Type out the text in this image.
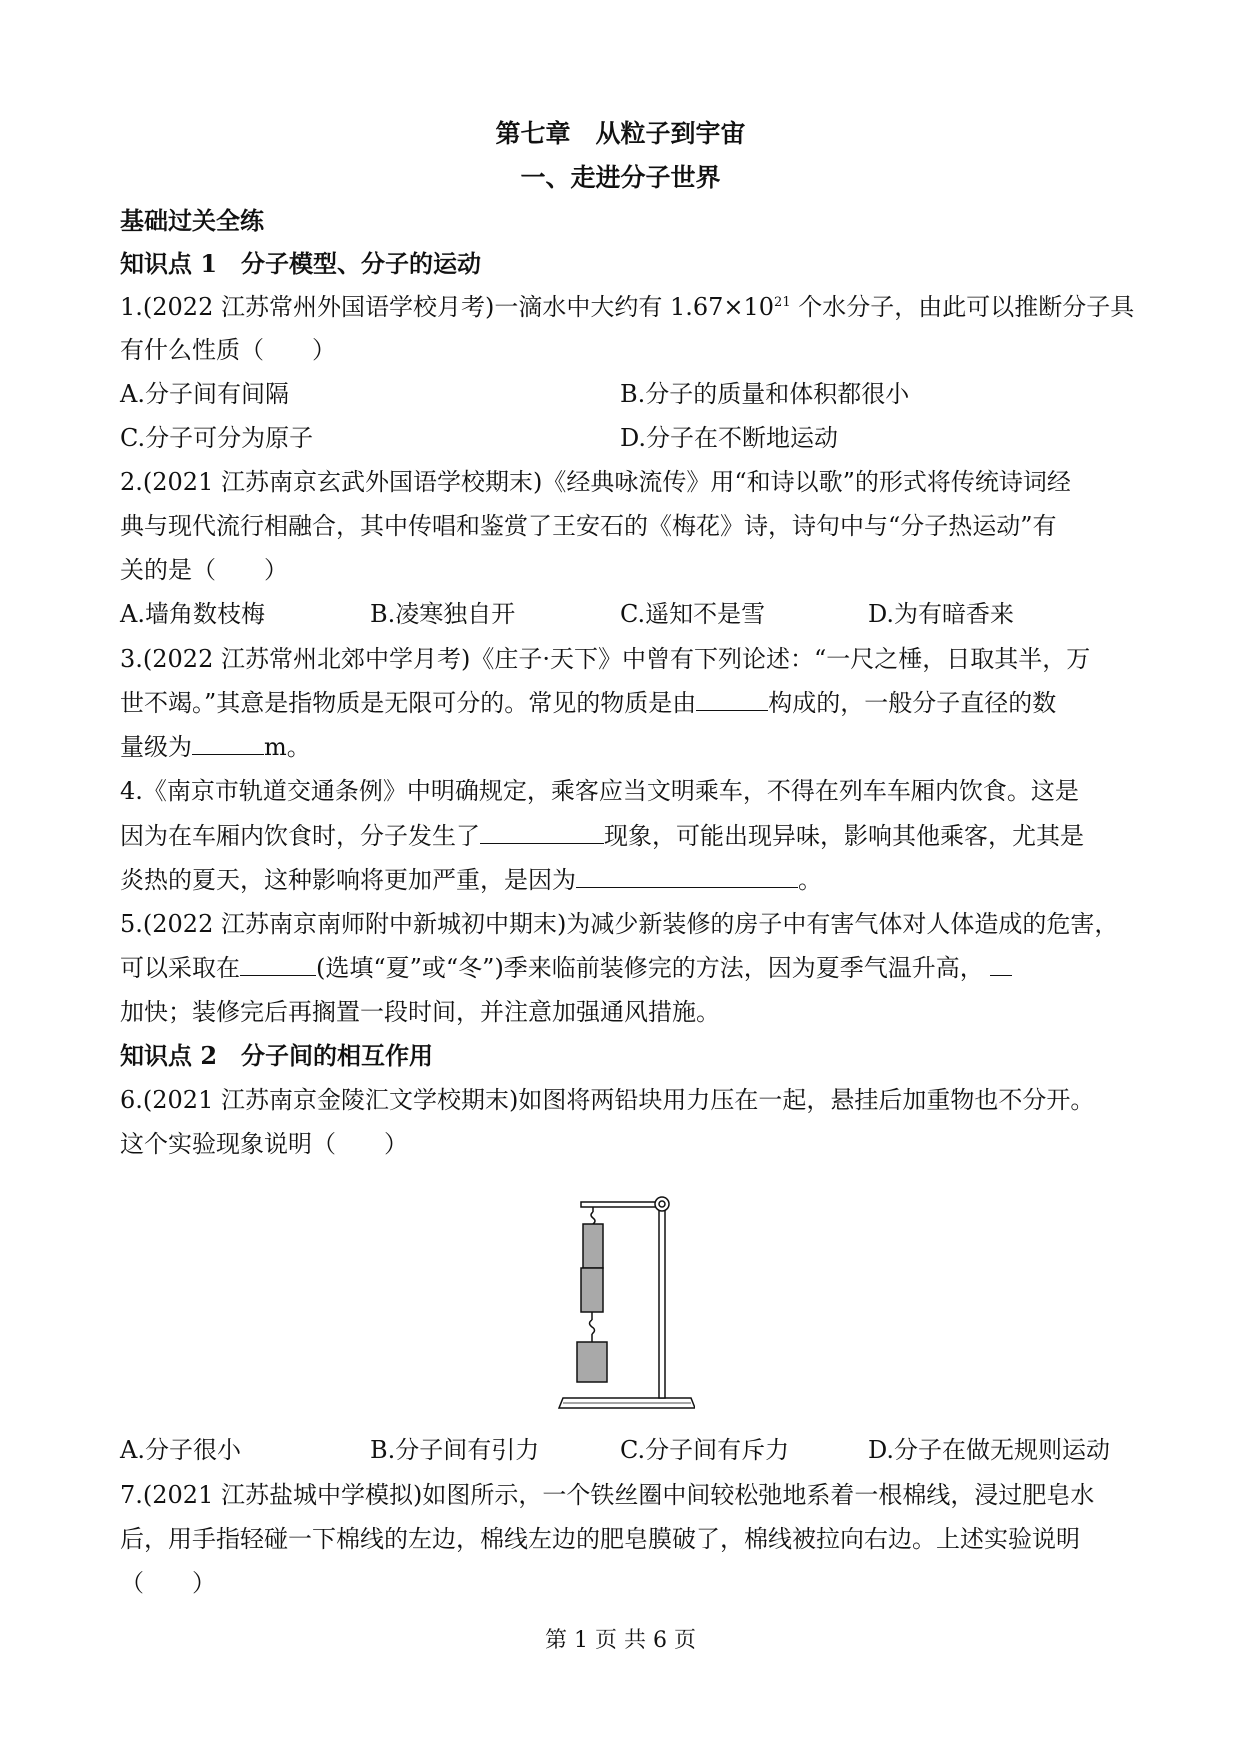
第七章　从粒子到宇宙
一、走进分子世界
基础过关全练
知识点 1　分子模型、分子的运动
1.(2022 江苏常州外国语学校月考)一滴水中大约有 $1.67\times 10^{21}$ 个水分子，由此可以推断分子具
有什么性质（　　）
A.分子间有间隔	B.分子的质量和体积都很小
C.分子可分为原子	D.分子在不断地运动
2.(2021 江苏南京玄武外国语学校期末)《经典咏流传》用“和诗以歌”的形式将传统诗词经
典与现代流行相融合，其中传唱和鉴赏了王安石的《梅花》诗，诗句中与“分子热运动”有
关的是（　　）
A.墙角数枝梅	B.凌寒独自开	C.遥知不是雪	D.为有暗香来
3.(2022 江苏常州北郊中学月考)《庄子·天下》中曾有下列论述：“一尺之棰，日取其半，万
世不竭。”其意是指物质是无限可分的。常见的物质是由	构成的，一般分子直径的数
量级为	m。
4.《南京市轨道交通条例》中明确规定，乘客应当文明乘车，不得在列车车厢内饮食。这是
因为在车厢内饮食时，分子发生了	现象，可能出现异味，影响其他乘客，尤其是
炎热的夏天，这种影响将更加严重，是因为	。
5.(2022 江苏南京南师附中新城初中期末)为减少新装修的房子中有害气体对人体造成的危害，
可以采取在	(选填“夏”或“冬”)季来临前装修完的方法，因为夏季气温升高，
加快；装修完后再搁置一段时间，并注意加强通风措施。
知识点 2　分子间的相互作用
6.(2021 江苏南京金陵汇文学校期末)如图将两铅块用力压在一起，悬挂后加重物也不分开。
这个实验现象说明（　　）
A.分子很小	B.分子间有引力	C.分子间有斥力	D.分子在做无规则运动
7.(2021 江苏盐城中学模拟)如图所示，一个铁丝圈中间较松弛地系着一根棉线，浸过肥皂水
后，用手指轻碰一下棉线的左边，棉线左边的肥皂膜破了，棉线被拉向右边。上述实验说明
（　　）
第 1 页 共 6 页
